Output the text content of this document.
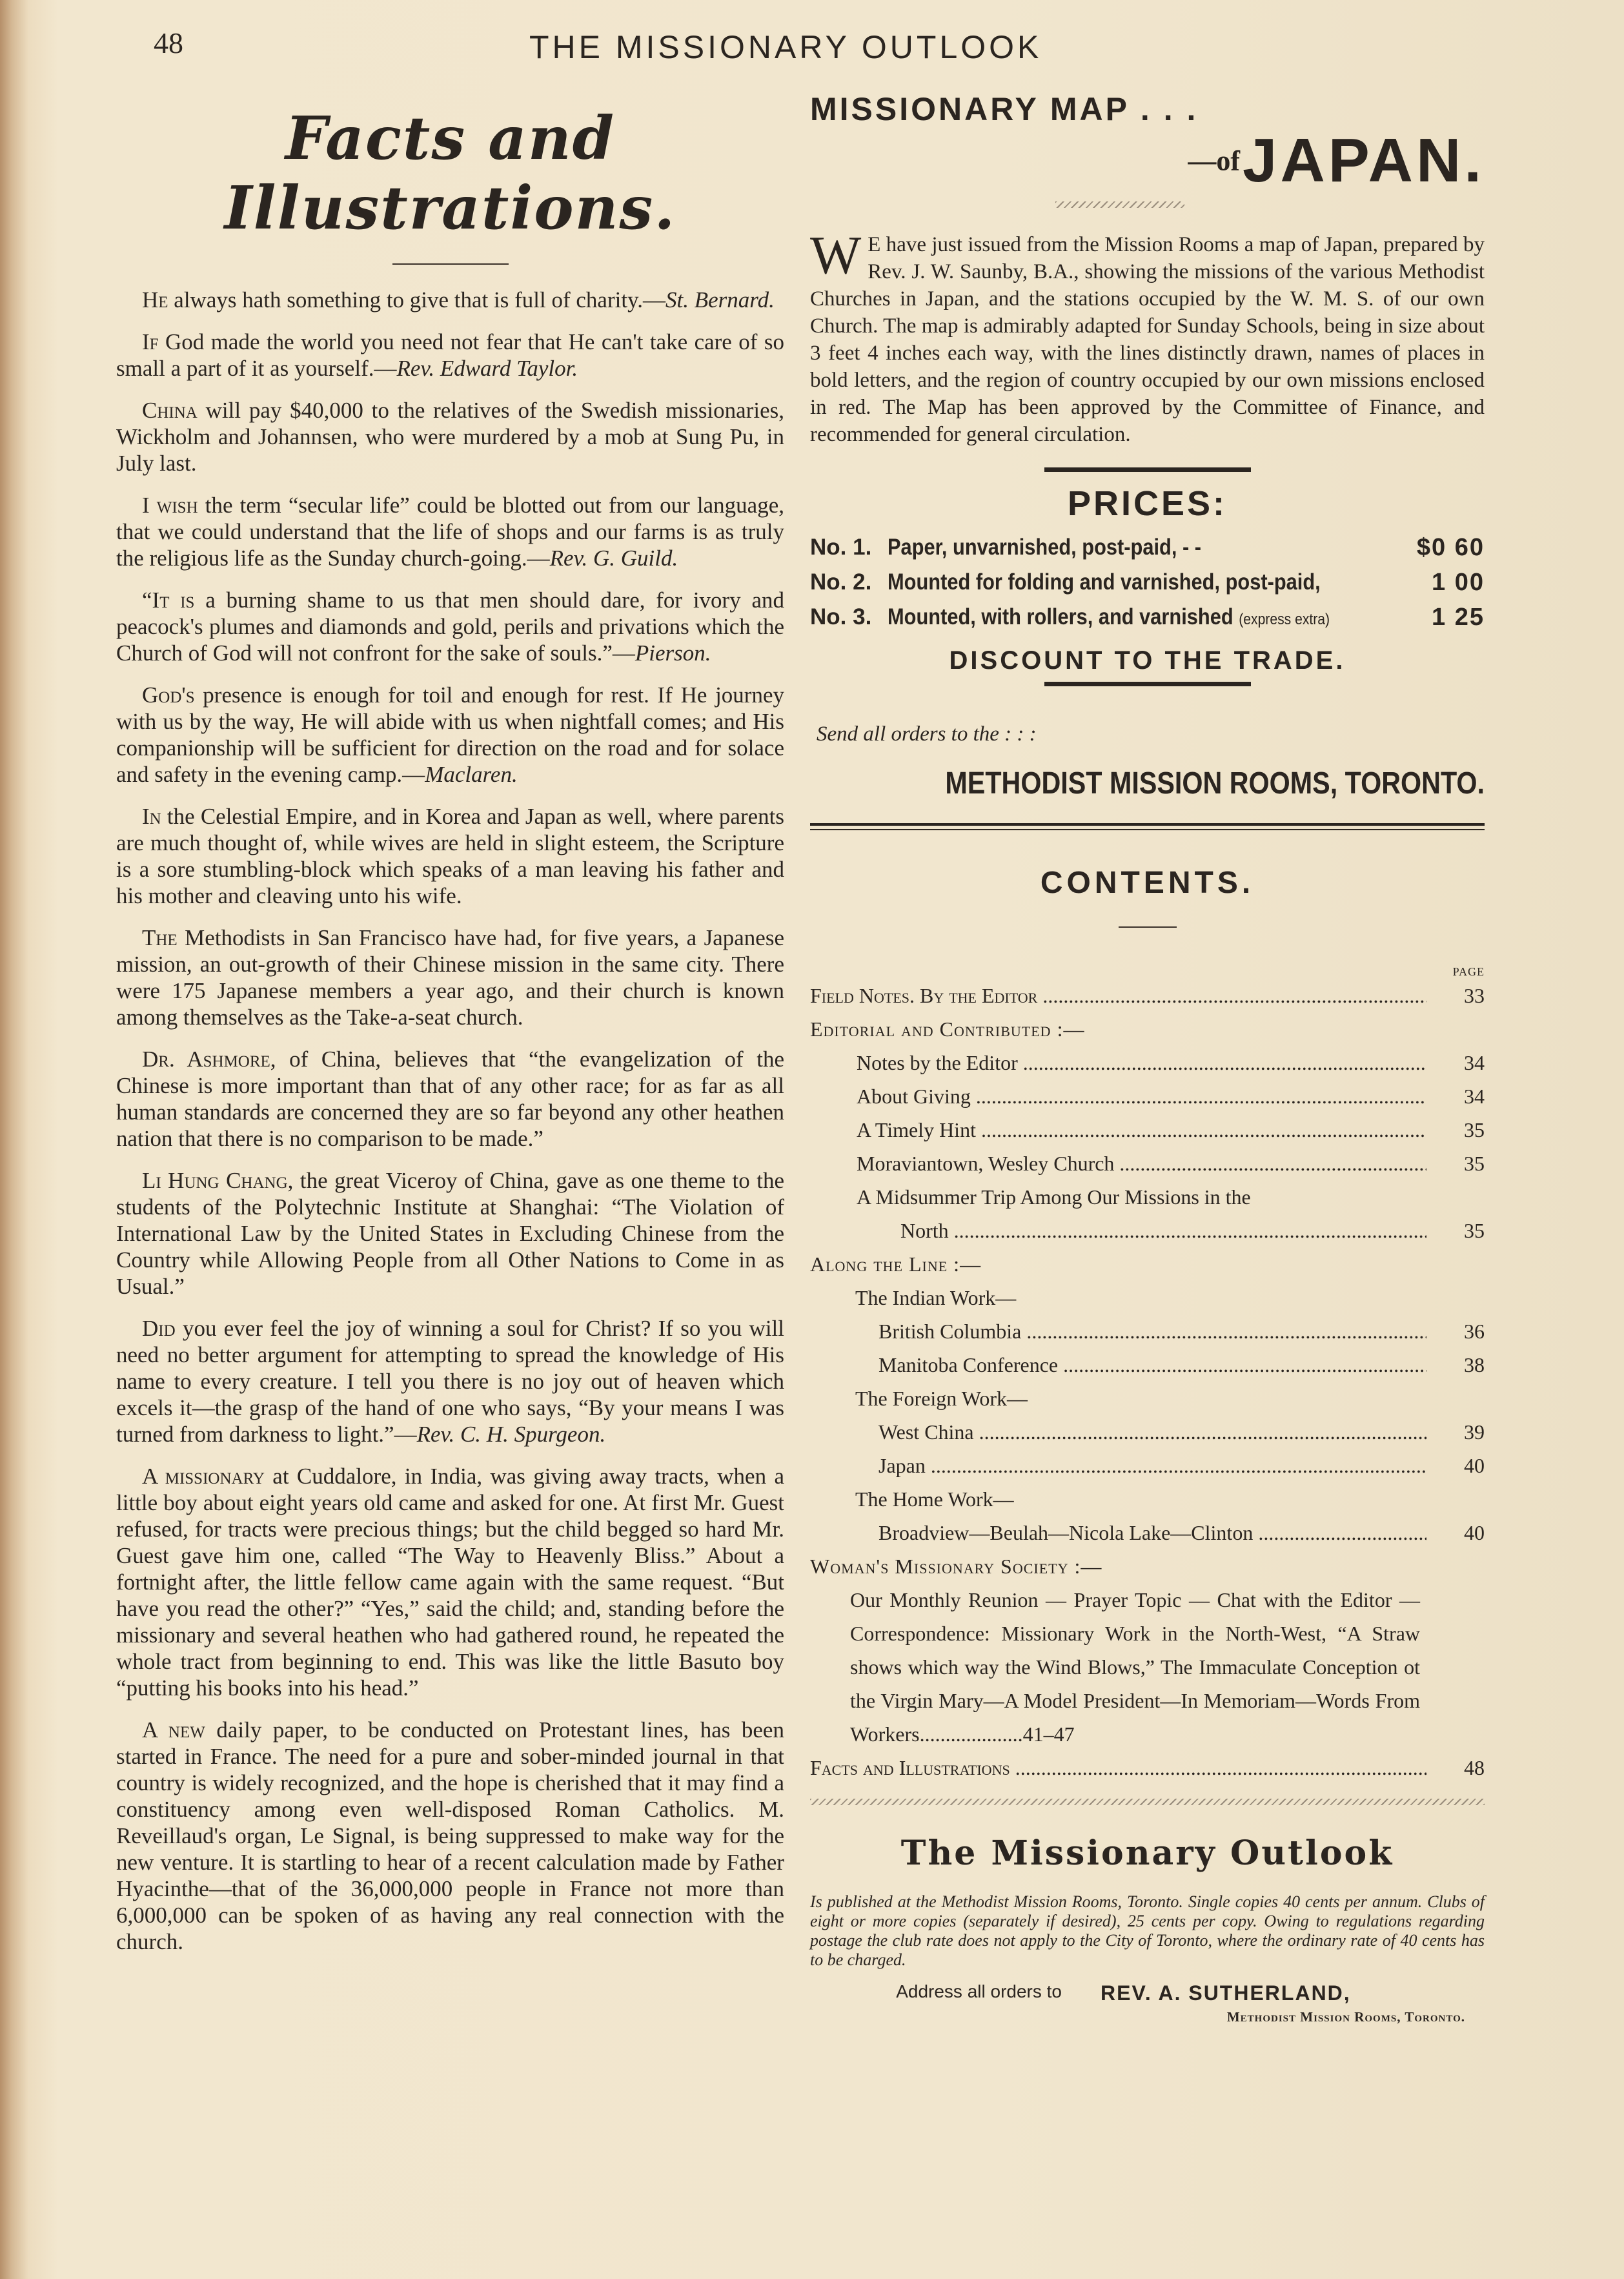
48	THE MISSIONARY OUTLOOK
Facts and Illustrations.

He always hath something to give that is full of charity.—St. Bernard.

If God made the world you need not fear that He can't take care of so small a part of it as yourself.—Rev. Edward Taylor.

China will pay $40,000 to the relatives of the Swedish missionaries, Wickholm and Johannsen, who were murdered by a mob at Sung Pu, in July last.

I wish the term “secular life” could be blotted out from our language, that we could understand that the life of shops and our farms is as truly the religious life as the Sunday church-going.—Rev. G. Guild.

“It is a burning shame to us that men should dare, for ivory and peacock's plumes and diamonds and gold, perils and privations which the Church of God will not confront for the sake of souls.”—Pierson.

God's presence is enough for toil and enough for rest. If He journey with us by the way, He will abide with us when nightfall comes; and His companionship will be sufficient for direction on the road and for solace and safety in the evening camp.—Maclaren.

In the Celestial Empire, and in Korea and Japan as well, where parents are much thought of, while wives are held in slight esteem, the Scripture is a sore stumbling-block which speaks of a man leaving his father and his mother and cleaving unto his wife.

The Methodists in San Francisco have had, for five years, a Japanese mission, an out-growth of their Chinese mission in the same city. There were 175 Japanese members a year ago, and their church is known among themselves as the Take-a-seat church.

Dr. Ashmore, of China, believes that “the evangelization of the Chinese is more important than that of any other race; for as far as all human standards are concerned they are so far beyond any other heathen nation that there is no comparison to be made.”

Li Hung Chang, the great Viceroy of China, gave as one theme to the students of the Polytechnic Institute at Shanghai: “The Violation of International Law by the United States in Excluding Chinese from the Country while Allowing People from all Other Nations to Come in as Usual.”

Did you ever feel the joy of winning a soul for Christ? If so you will need no better argument for attempting to spread the knowledge of His name to every creature. I tell you there is no joy out of heaven which excels it—the grasp of the hand of one who says, “By your means I was turned from darkness to light.”—Rev. C. H. Spurgeon.

A missionary at Cuddalore, in India, was giving away tracts, when a little boy about eight years old came and asked for one. At first Mr. Guest refused, for tracts were precious things; but the child begged so hard Mr. Guest gave him one, called “The Way to Heavenly Bliss.” About a fortnight after, the little fellow came again with the same request. “But have you read the other?” “Yes,” said the child; and, standing before the missionary and several heathen who had gathered round, he repeated the whole tract from beginning to end. This was like the little Basuto boy “putting his books into his head.”

A new daily paper, to be conducted on Protestant lines, has been started in France. The need for a pure and sober-minded journal in that country is widely recognized, and the hope is cherished that it may find a constituency among even well-disposed Roman Catholics. M. Reveillaud's organ, Le Signal, is being suppressed to make way for the new venture. It is startling to hear of a recent calculation made by Father Hyacinthe—that of the 36,000,000 people in France not more than 6,000,000 can be spoken of as having any real connection with the church.

MISSIONARY MAP . . .
—of JAPAN.
W E have just issued from the Mission Rooms a map of Japan, prepared by Rev. J. W. Saunby, B.A., showing the missions of the various Methodist Churches in Japan, and the stations occupied by the W. M. S. of our own Church. The map is admirably adapted for Sunday Schools, being in size about 3 feet 4 inches each way, with the lines distinctly drawn, names of places in bold letters, and the region of country occupied by our own missions enclosed in red. The Map has been approved by the Committee of Finance, and recommended for general circulation.
PRICES:
No. 1. Paper, unvarnished, post-paid, - -	$0 60
No. 2. Mounted for folding and varnished, post-paid,	1 00
No. 3. Mounted, with rollers, and varnished (express extra)	1 25
DISCOUNT TO THE TRADE.
Send all orders to the : : :
METHODIST MISSION ROOMS, TORONTO.
CONTENTS.
PAGE
Field Notes. By the Editor .....	33
Editorial and Contributed :—
Notes by the Editor .....	34
About Giving .....	34
A Timely Hint .....	35
Moraviantown, Wesley Church .....	35
A Midsummer Trip Among Our Missions in the
North .....	35
Along the Line :—
The Indian Work—
British Columbia .....	36
Manitoba Conference .....	38
The Foreign Work—
West China .....	39
Japan .....	40
The Home Work—
Broadview—Beulah—Nicola Lake—Clinton .....	40
Woman's Missionary Society :—
Our Monthly Reunion — Prayer Topic — Chat with the Editor — Correspondence: Missionary Work in the North-West, “A Straw shows which way the Wind Blows,” The Immaculate Conception ot the Virgin Mary—A Model President—In Memoriam—Words From Workers....................41–47
Facts and Illustrations .....	48
The Missionary Outlook
Is published at the Methodist Mission Rooms, Toronto. Single copies 40 cents per annum. Clubs of eight or more copies (separately if desired), 25 cents per copy. Owing to regulations regarding postage the club rate does not apply to the City of Toronto, where the ordinary rate of 40 cents has to be charged.
Address all orders to	REV. A. SUTHERLAND,
Methodist Mission Rooms, Toronto.
